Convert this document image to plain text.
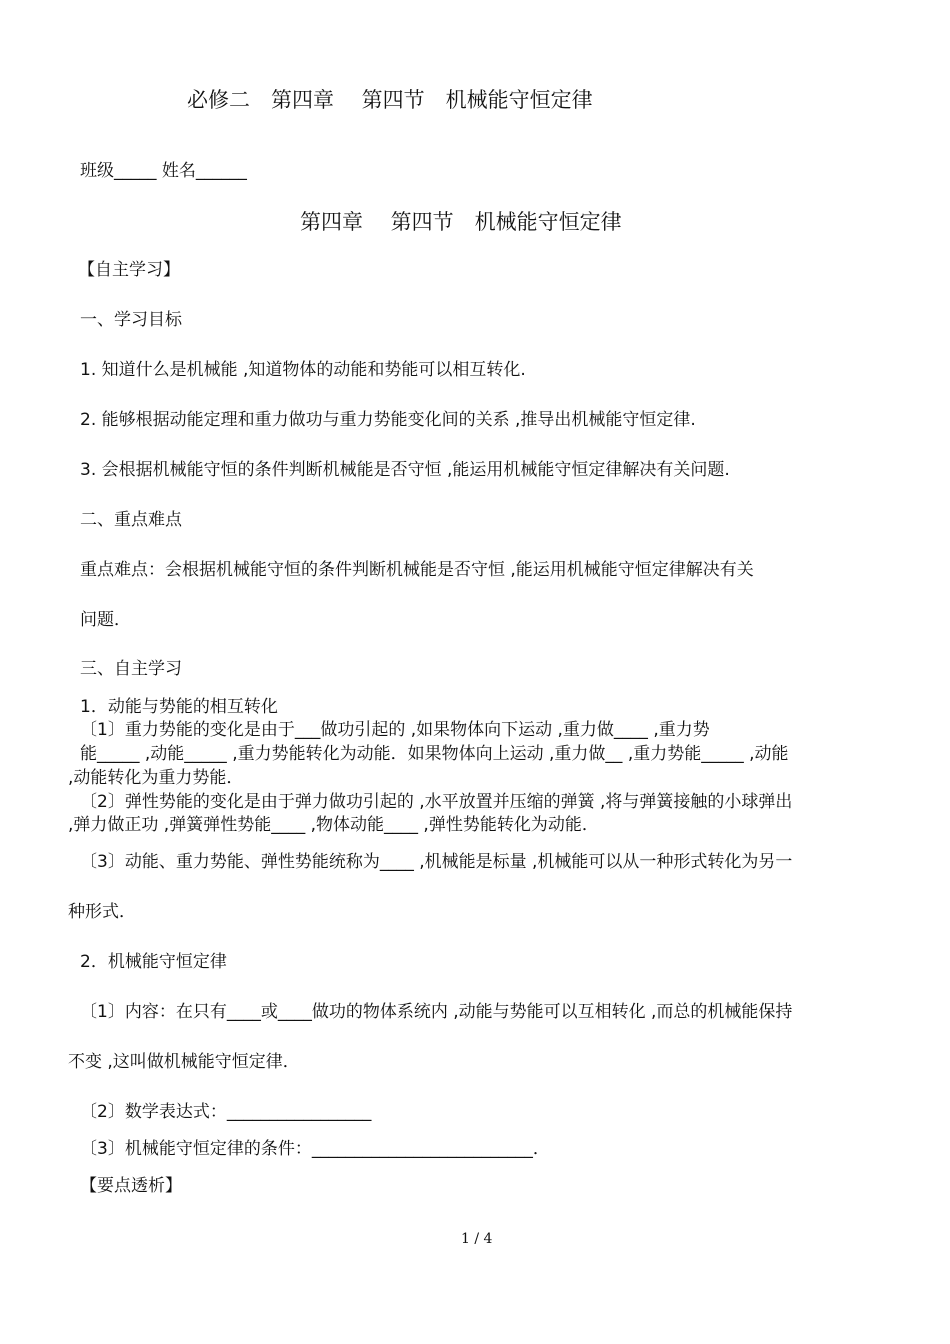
必修二　第四章　 第四节　机械能守恒定律
班级_____ 姓名______
第四章　 第四节　机械能守恒定律
【自主学习】
一、学习目标
1. 知道什么是机械能 ,知道物体的动能和势能可以相互转化.
2. 能够根据动能定理和重力做功与重力势能变化间的关系 ,推导出机械能守恒定律.
3. 会根据机械能守恒的条件判断机械能是否守恒 ,能运用机械能守恒定律解决有关问题.
二、重点难点
重点难点：会根据机械能守恒的条件判断机械能是否守恒 ,能运用机械能守恒定律解决有关
问题．
三、自主学习
1．动能与势能的相互转化
〔1〕重力势能的变化是由于___做功引起的 ,如果物体向下运动 ,重力做____ ,重力势
能_____ ,动能_____ ,重力势能转化为动能．如果物体向上运动 ,重力做__ ,重力势能_____ ,动能
,动能转化为重力势能．
〔2〕弹性势能的变化是由于弹力做功引起的 ,水平放置并压缩的弹簧 ,将与弹簧接触的小球弹出
,弹力做正功 ,弹簧弹性势能____ ,物体动能____ ,弹性势能转化为动能．
〔3〕动能、重力势能、弹性势能统称为____ ,机械能是标量 ,机械能可以从一种形式转化为另一
种形式．
2．机械能守恒定律
〔1〕内容：在只有____或____做功的物体系统内 ,动能与势能可以互相转化 ,而总的机械能保持
不变 ,这叫做机械能守恒定律．
〔2〕数学表达式：_________________
〔3〕机械能守恒定律的条件：__________________________．
【要点透析】
1 / 4
